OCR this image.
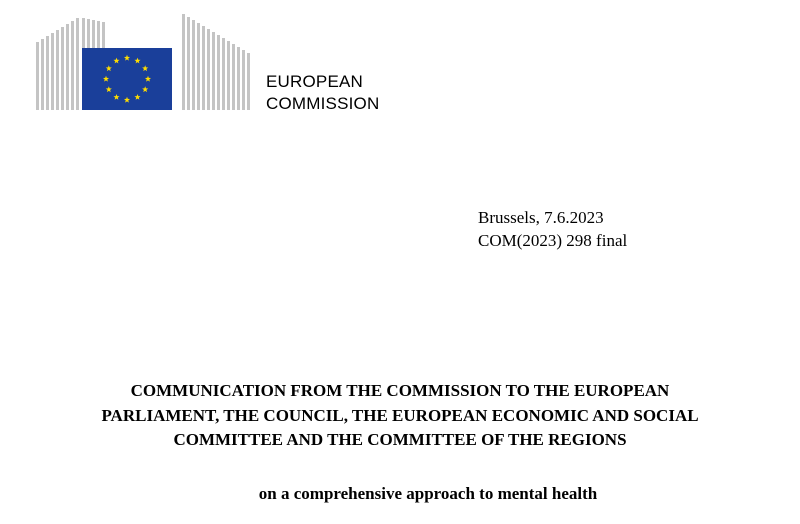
EUROPEAN
COMMISSION
Brussels, 7.6.2023
COM(2023) 298 final
COMMUNICATION FROM THE COMMISSION TO THE EUROPEAN
PARLIAMENT, THE COUNCIL, THE EUROPEAN ECONOMIC AND SOCIAL
COMMITTEE AND THE COMMITTEE OF THE REGIONS
on a comprehensive approach to mental health
